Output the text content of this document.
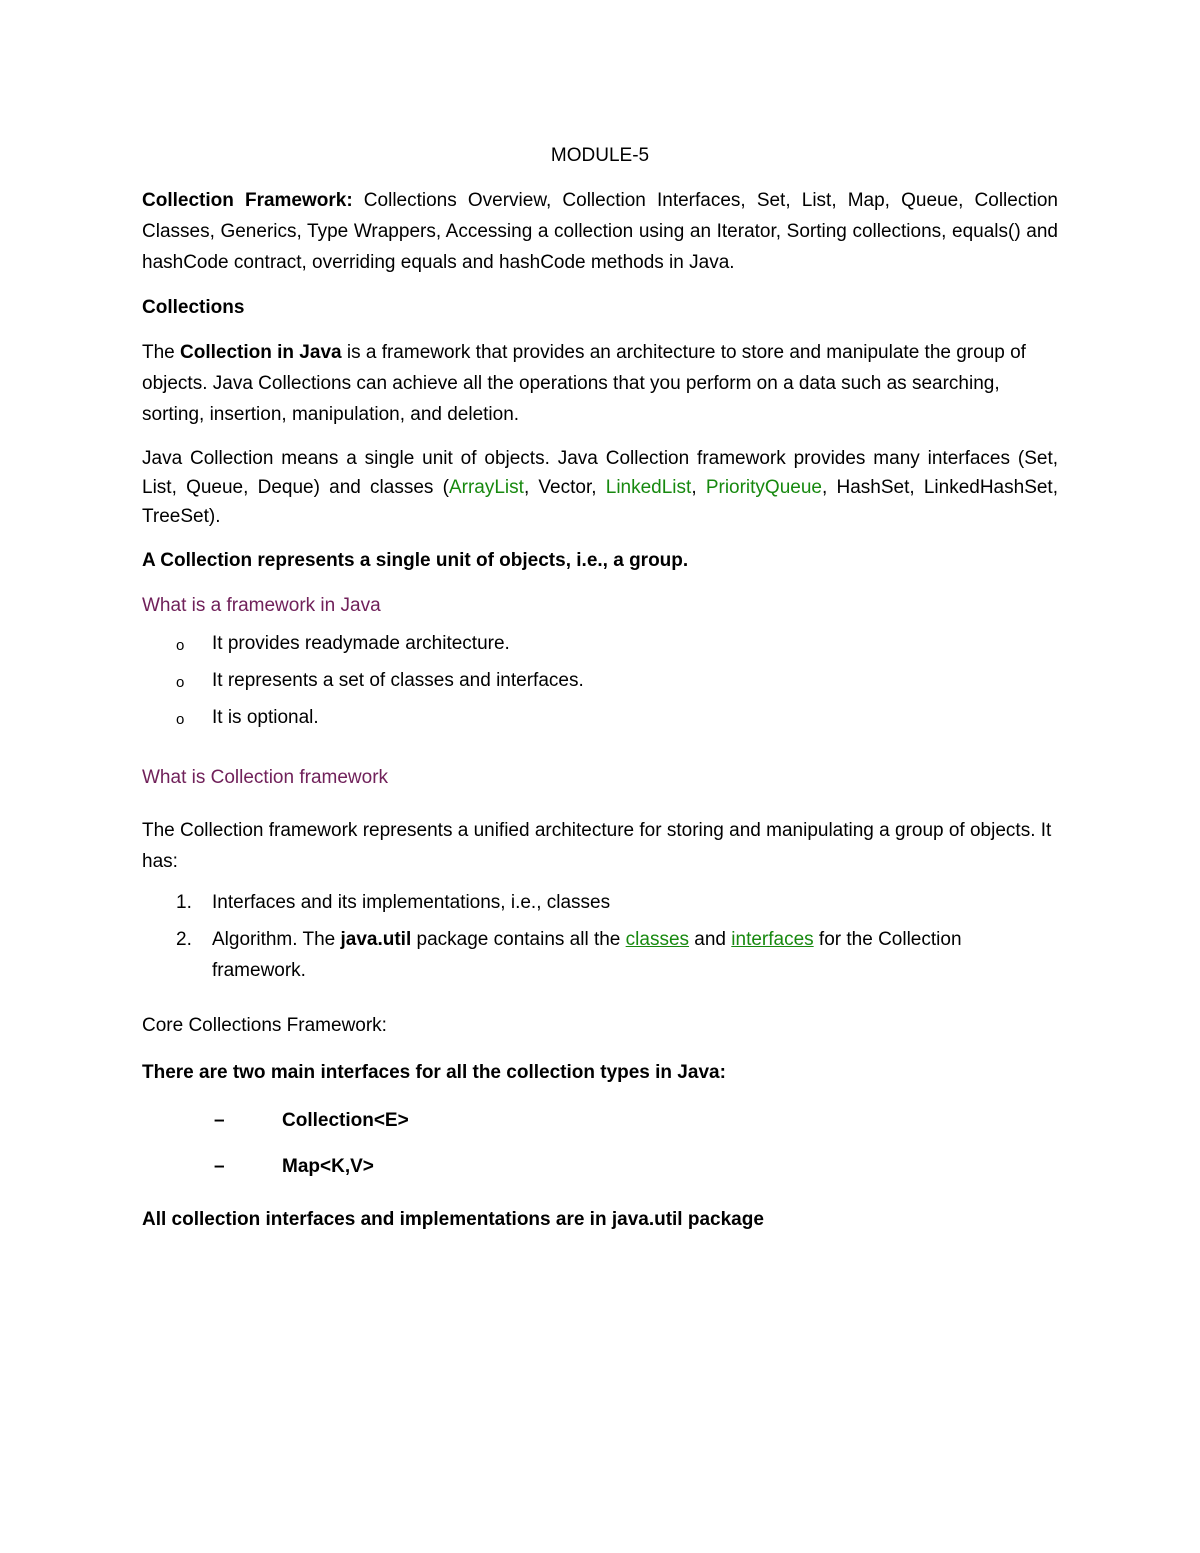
MODULE-5

Collection Framework: Collections Overview, Collection Interfaces, Set, List, Map, Queue, Collection Classes, Generics, Type Wrappers, Accessing a collection using an Iterator, Sorting collections, equals() and hashCode contract, overriding equals and hashCode methods in Java.

Collections

The Collection in Java is a framework that provides an architecture to store and manipulate the group of objects. Java Collections can achieve all the operations that you perform on a data such as searching, sorting, insertion, manipulation, and deletion.

Java Collection means a single unit of objects. Java Collection framework provides many interfaces (Set, List, Queue, Deque) and classes (ArrayList, Vector, LinkedList, PriorityQueue, HashSet, LinkedHashSet, TreeSet).

A Collection represents a single unit of objects, i.e., a group.

What is a framework in Java

o It provides readymade architecture.
o It represents a set of classes and interfaces.
o It is optional.

What is Collection framework

The Collection framework represents a unified architecture for storing and manipulating a group of objects. It has:

1. Interfaces and its implementations, i.e., classes
2. Algorithm. The java.util package contains all the classes and interfaces for the Collection framework.

Core Collections Framework:

There are two main interfaces for all the collection types in Java:

–	Collection<E>
–	Map<K,V>

All collection interfaces and implementations are in java.util package
